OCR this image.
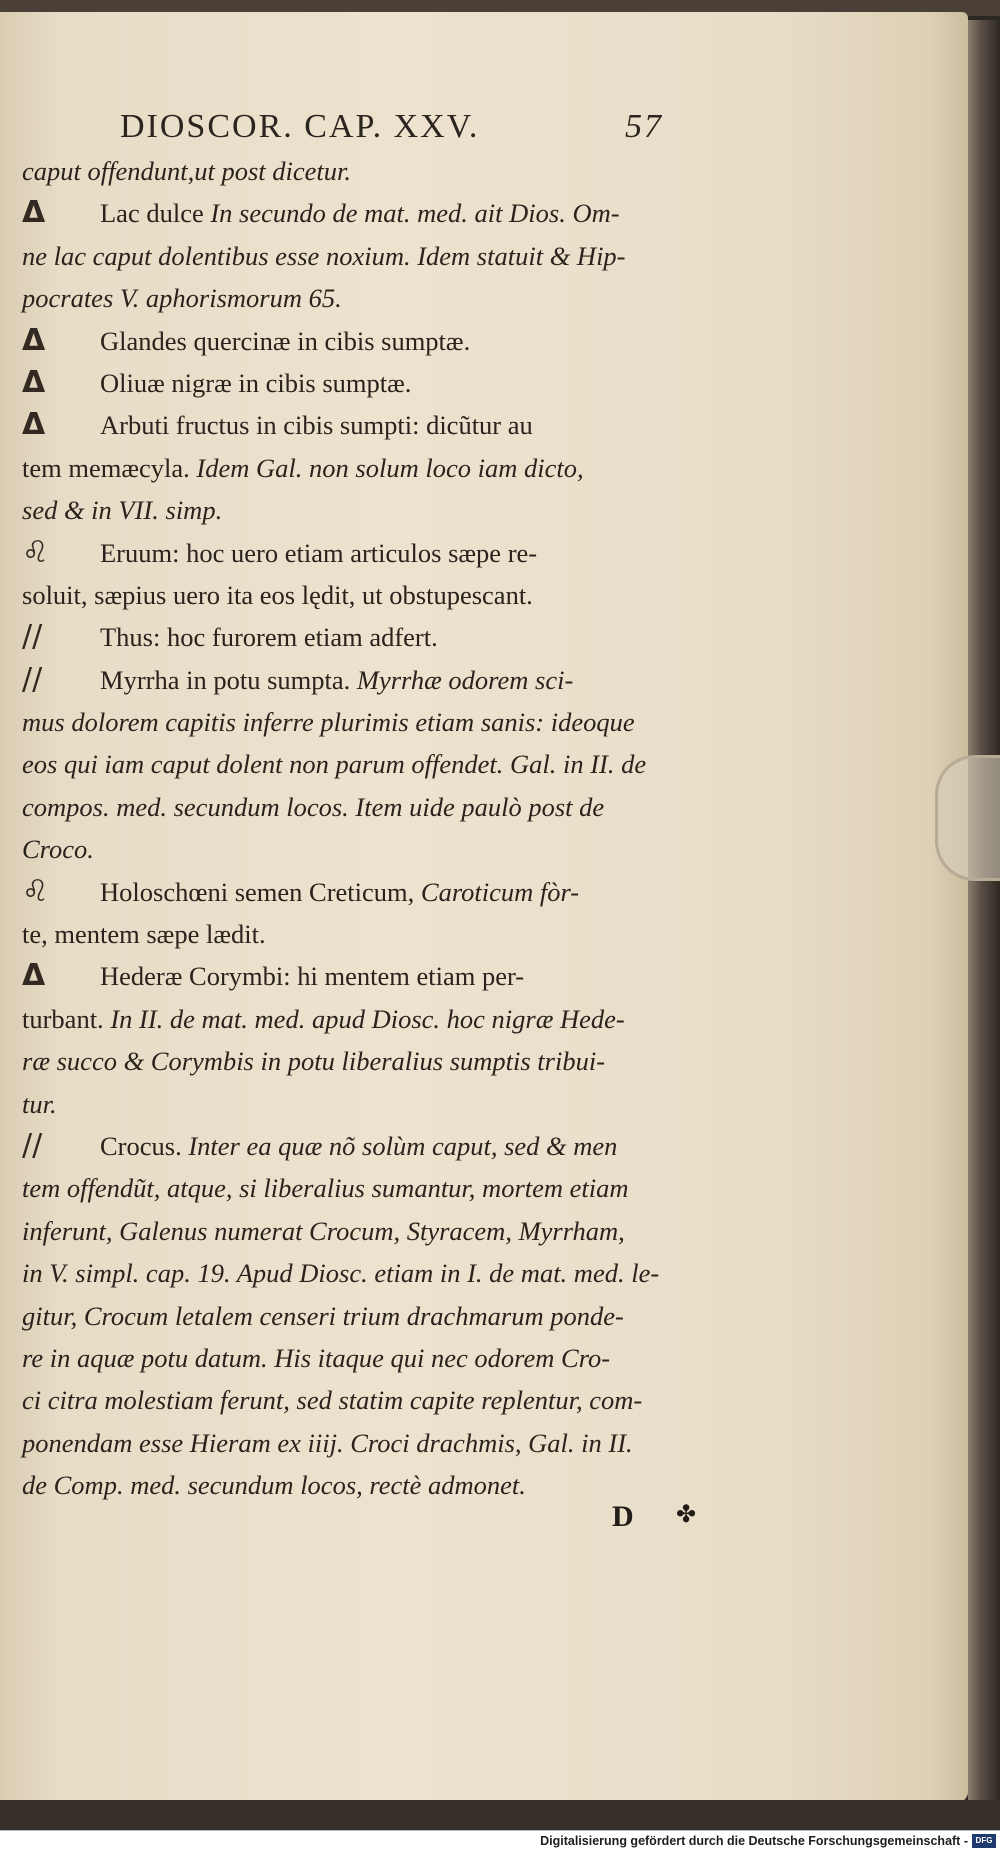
DIOSCOR. CAP. XXV.	57
caput offendunt,ut post dicetur.
Δ Lac dulce In secundo de mat. med. ait Dios. Om-
ne lac caput dolentibus esse noxium. Idem statuit & Hip-
pocrates V. aphorismorum 65.
Δ Glandes quercinæ in cibis sumptæ.
Δ Oliuæ nigræ in cibis sumptæ.
Δ Arbuti fructus in cibis sumpti: dicũtur au
tem memæcyla. Idem Gal. non solum loco iam dicto,
sed & in VII. simp.
♌ Eruum: hoc uero etiam articulos sæpe re-
soluit, sæpius uero ita eos lędit, ut obstupescant.
// Thus: hoc furorem etiam adfert.
// Myrrha in potu sumpta. Myrrhæ odorem sci-
mus dolorem capitis inferre plurimis etiam sanis: ideoque
eos qui iam caput dolent non parum offendet. Gal. in II. de
compos. med. secundum locos. Item uide paulò post de
Croco.
♌ Holoschœni semen Creticum, Caroticum fòr-
te, mentem sæpe lædit.
Δ Hederæ Corymbi: hi mentem etiam per-
turbant. In II. de mat. med. apud Diosc. hoc nigræ Hede-
ræ succo & Corymbis in potu liberalius sumptis tribui-
tur.
// Crocus. Inter ea quæ nõ solùm caput, sed & men
tem offendũt, atque, si liberalius sumantur, mortem etiam
inferunt, Galenus numerat Crocum, Styracem, Myrrham,
in V. simpl. cap. 19. Apud Diosc. etiam in I. de mat. med. le-
gitur, Crocum letalem censeri trium drachmarum ponde-
re in aquæ potu datum. His itaque qui nec odorem Cro-
ci citra molestiam ferunt, sed statim capite replentur, com-
ponendam esse Hieram ex iiij. Croci drachmis, Gal. in II.
de Comp. med. secundum locos, rectè admonet.
D ✤
Digitalisierung gefördert durch die Deutsche Forschungsgemeinschaft - DFG
